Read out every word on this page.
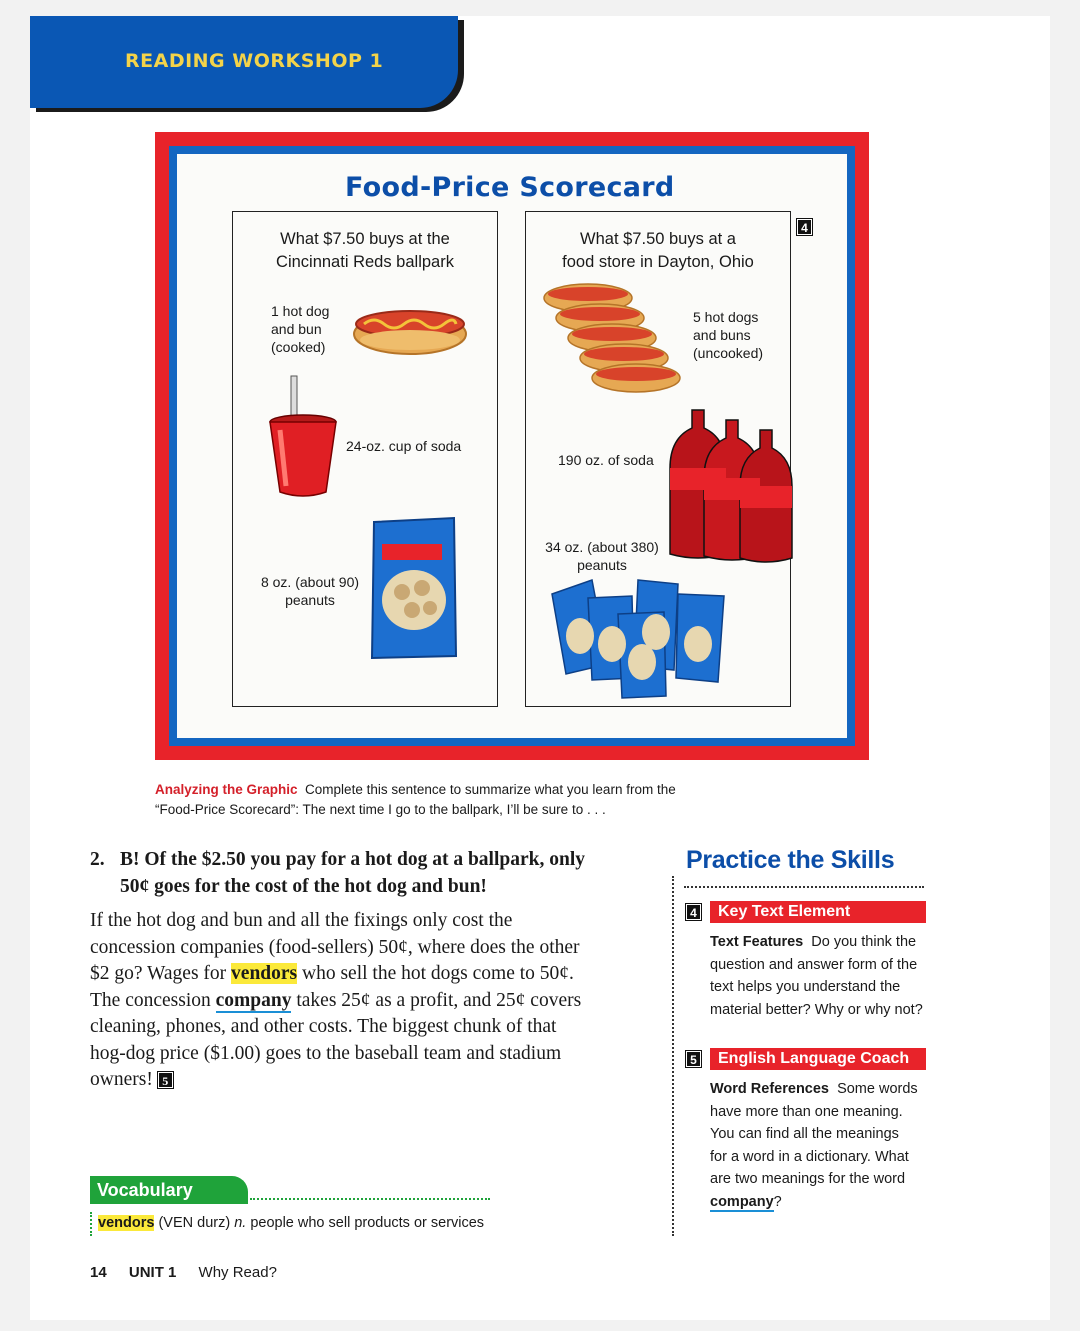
READING WORKSHOP 1
Food-Price Scorecard
4
What $7.50 buys at the
Cincinnati Reds ballpark
1 hot dog
and bun
(cooked)
24-oz. cup of soda
8 oz. (about 90)
peanuts
What $7.50 buys at a
food store in Dayton, Ohio
5 hot dogs
and buns
(uncooked)
190 oz. of soda
34 oz. (about 380)
peanuts
Analyzing the Graphic Complete this sentence to summarize what you learn from the
“Food-Price Scorecard”: The next time I go to the ballpark, I’ll be sure to . . .
2. B! Of the $2.50 you pay for a hot dog at a ballpark, only
50¢ goes for the cost of the hot dog and bun!
If the hot dog and bun and all the fixings only cost the
concession companies (food-sellers) 50¢, where does the other
$2 go? Wages for vendors who sell the hot dogs come to 50¢.
The concession company takes 25¢ as a profit, and 25¢ covers
cleaning, phones, and other costs. The biggest chunk of that
hog-dog price ($1.00) goes to the baseball team and stadium
owners! 5
Vocabulary
vendors (VEN durz) n. people who sell products or services
Practice the Skills
4	Key Text Element
Text Features Do you think the
question and answer form of the
text helps you understand the
material better? Why or why not?
5	English Language Coach
Word References Some words
have more than one meaning.
You can find all the meanings
for a word in a dictionary. What
are two meanings for the word
company?
14 UNIT 1 Why Read?
